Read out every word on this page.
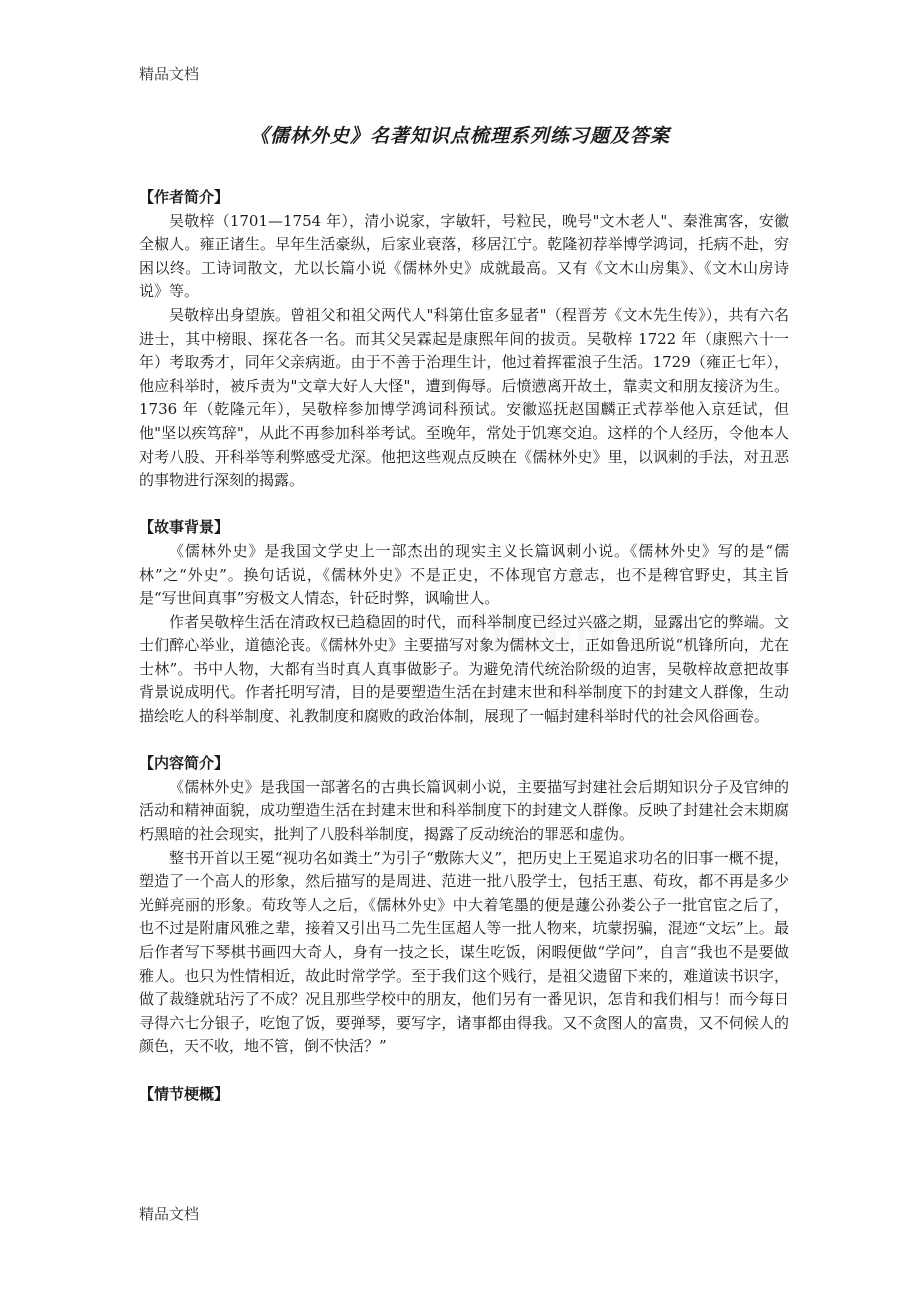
精品文档
《儒林外史》名著知识点梳理系列练习题及答案

【作者简介】

吴敬梓（1701—1754 年），清小说家，字敏轩，号粒民，晚号"文木老人"、秦淮寓客，安徽全椒人。雍正诸生。早年生活豪纵，后家业衰落，移居江宁。乾隆初荐举博学鸿词，托病不赴，穷困以终。工诗词散文，尤以长篇小说《儒林外史》成就最高。又有《文木山房集》、《文木山房诗说》等。

吴敬梓出身望族。曾祖父和祖父两代人"科第仕宦多显者"（程晋芳《文木先生传》），共有六名进士，其中榜眼、探花各一名。而其父吴霖起是康熙年间的拔贡。吴敬梓 1722 年（康熙六十一年）考取秀才，同年父亲病逝。由于不善于治理生计，他过着挥霍浪子生活。1729（雍正七年），他应科举时，被斥责为"文章大好人大怪"，遭到侮辱。后愤懑离开故土，靠卖文和朋友接济为生。1736 年（乾隆元年），吴敬梓参加博学鸿词科预试。安徽巡抚赵国麟正式荐举他入京廷试，但他"坚以疾笃辞"，从此不再参加科举考试。至晚年，常处于饥寒交迫。这样的个人经历，令他本人对考八股、开科举等利弊感受尤深。他把这些观点反映在《儒林外史》里，以讽刺的手法，对丑恶的事物进行深刻的揭露。

【故事背景】

《儒林外史》是我国文学史上一部杰出的现实主义长篇讽刺小说。《儒林外史》写的是“儒林”之“外史”。换句话说，《儒林外史》不是正史，不体现官方意志，也不是稗官野史，其主旨是“写世间真事”穷极文人情态，针砭时弊，讽喻世人。

作者吴敬梓生活在清政权已趋稳固的时代，而科举制度已经过兴盛之期，显露出它的弊端。文士们醉心举业，道德沦丧。《儒林外史》主要描写对象为儒林文士，正如鲁迅所说“机锋所向，尤在士林”。书中人物，大都有当时真人真事做影子。为避免清代统治阶级的迫害，吴敬梓故意把故事背景说成明代。作者托明写清，目的是要塑造生活在封建末世和科举制度下的封建文人群像，生动描绘吃人的科举制度、礼教制度和腐败的政治体制，展现了一幅封建科举时代的社会风俗画卷。

【内容简介】

《儒林外史》是我国一部著名的古典长篇讽刺小说，主要描写封建社会后期知识分子及官绅的活动和精神面貌，成功塑造生活在封建末世和科举制度下的封建文人群像。反映了封建社会末期腐朽黑暗的社会现实，批判了八股科举制度，揭露了反动统治的罪恶和虚伪。

整书开首以王冕“视功名如粪土”为引子“敷陈大义”，把历史上王冕追求功名的旧事一概不提，塑造了一个高人的形象，然后描写的是周进、范进一批八股学士，包括王惠、荀玫，都不再是多少光鲜亮丽的形象。荀玫等人之后，《儒林外史》中大着笔墨的便是蘧公孙娄公子一批官宦之后了，也不过是附庸风雅之辈，接着又引出马二先生匡超人等一批人物来，坑蒙拐骗，混迹“文坛”上。最后作者写下琴棋书画四大奇人，身有一技之长，谋生吃饭，闲暇便做“学问”，自言“我也不是要做雅人。也只为性情相近，故此时常学学。至于我们这个贱行，是祖父遗留下来的，难道读书识字，做了裁缝就玷污了不成？况且那些学校中的朋友，他们另有一番见识，怎肯和我们相与！而今每日寻得六七分银子，吃饱了饭，要弹琴，要写字，诸事都由得我。又不贪图人的富贵，又不伺候人的颜色，天不收，地不管，倒不快活？”

【情节梗概】

精品文档
